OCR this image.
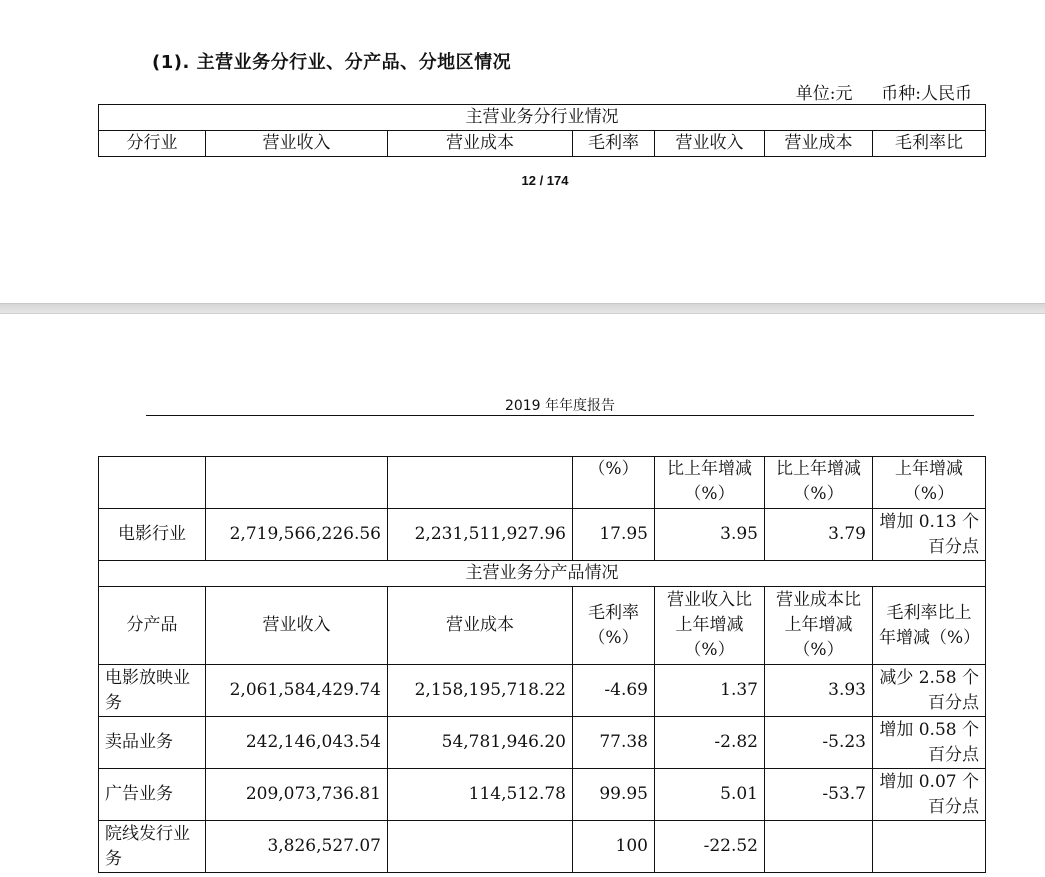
(1). 主营业务分行业、分产品、分地区情况
单位:元 币种:人民币
主营业务分行业情况
分行业	营业收入	营业成本	毛利率	营业收入	营业成本	毛利率比
12 / 174
2019 年年度报告
			（%）	比上年增减（%）	比上年增减（%）	上年增减（%）
电影行业	2,719,566,226.56	2,231,511,927.96	17.95	3.95	3.79	增加 0.13 个百分点
主营业务分产品情况						
分产品	营业收入	营业成本	毛利率（%）	营业收入比上年增减（%）	营业成本比上年增减（%）	毛利率比上年增减（%）
电影放映业务	2,061,584,429.74	2,158,195,718.22	-4.69	1.37	3.93	减少 2.58 个百分点
卖品业务	242,146,043.54	54,781,946.20	77.38	-2.82	-5.23	增加 0.58 个百分点
广告业务	209,073,736.81	114,512.78	99.95	5.01	-53.7	增加 0.07 个百分点
院线发行业务	3,826,527.07		100	-22.52		
